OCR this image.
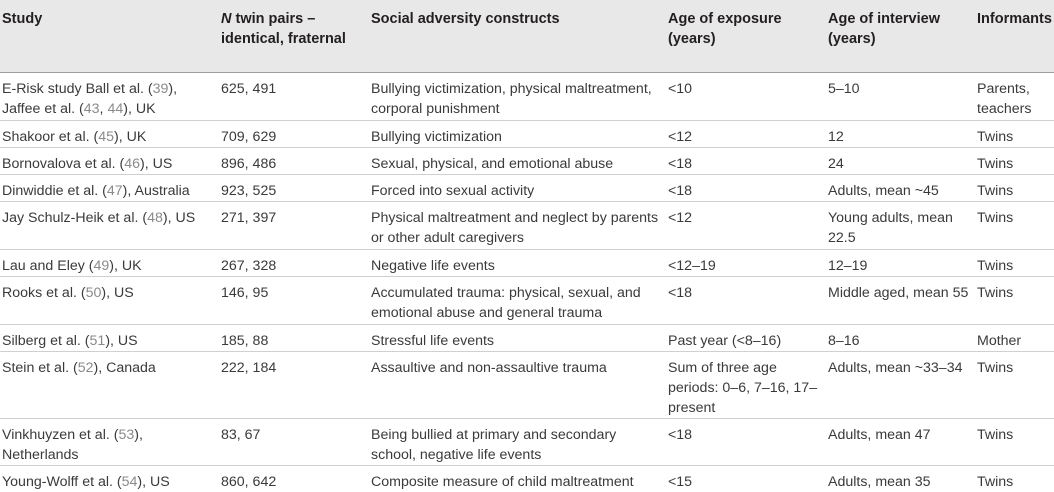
Study	N twin pairs – identical, fraternal	Social adversity constructs	Age of exposure (years)	Age of interview (years)	Informants
E-Risk study Ball et al. (39), Jaffee et al. (43, 44), UK	625, 491	Bullying victimization, physical maltreatment, corporal punishment	<10	5–10	Parents, teachers
Shakoor et al. (45), UK	709, 629	Bullying victimization	<12	12	Twins
Bornovalova et al. (46), US	896, 486	Sexual, physical, and emotional abuse	<18	24	Twins
Dinwiddie et al. (47), Australia	923, 525	Forced into sexual activity	<18	Adults, mean ~45	Twins
Jay Schulz-Heik et al. (48), US	271, 397	Physical maltreatment and neglect by parents or other adult caregivers	<12	Young adults, mean 22.5	Twins
Lau and Eley (49), UK	267, 328	Negative life events	<12–19	12–19	Twins
Rooks et al. (50), US	146, 95	Accumulated trauma: physical, sexual, and emotional abuse and general trauma	<18	Middle aged, mean 55	Twins
Silberg et al. (51), US	185, 88	Stressful life events	Past year (<8–16)	8–16	Mother
Stein et al. (52), Canada	222, 184	Assaultive and non-assaultive trauma	Sum of three age periods: 0–6, 7–16, 17–present	Adults, mean ~33–34	Twins
Vinkhuyzen et al. (53), Netherlands	83, 67	Being bullied at primary and secondary school, negative life events	<18	Adults, mean 47	Twins
Young-Wolff et al. (54), US	860, 642	Composite measure of child maltreatment	<15	Adults, mean 35	Twins
